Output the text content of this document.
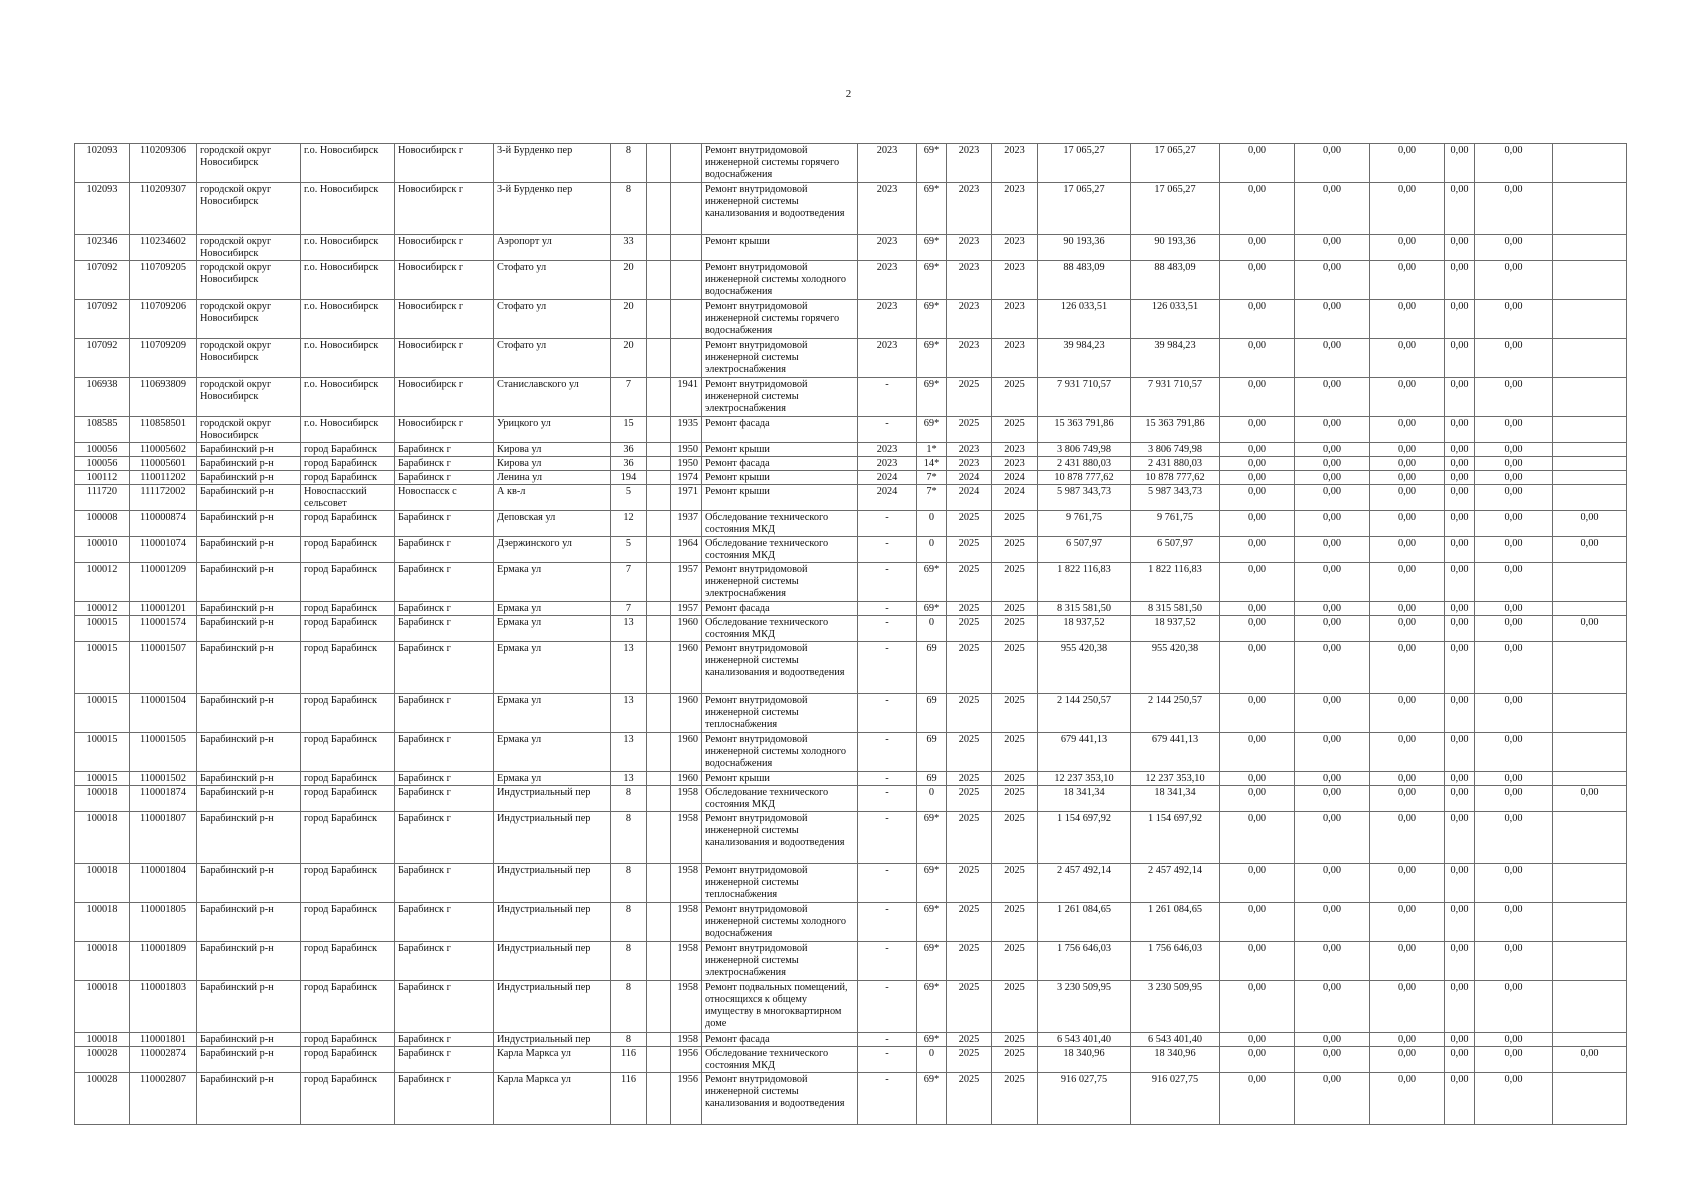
2
102093	110209306	городской округ Новосибирск	г.о. Новосибирск	Новосибирск г	3-й Бурденко пер	8			Ремонт внутридомовой инженерной системы горячего водоснабжения	2023	69*	2023	2023	17 065,27	17 065,27	0,00	0,00	0,00	0,00	0,00	
102093	110209307	городской округ Новосибирск	г.о. Новосибирск	Новосибирск г	3-й Бурденко пер	8			Ремонт внутридомовой инженерной системы канализования и водоотведения	2023	69*	2023	2023	17 065,27	17 065,27	0,00	0,00	0,00	0,00	0,00	
102346	110234602	городской округ Новосибирск	г.о. Новосибирск	Новосибирск г	Аэропорт ул	33			Ремонт крыши	2023	69*	2023	2023	90 193,36	90 193,36	0,00	0,00	0,00	0,00	0,00	
107092	110709205	городской округ Новосибирск	г.о. Новосибирск	Новосибирск г	Стофато ул	20			Ремонт внутридомовой инженерной системы холодного водоснабжения	2023	69*	2023	2023	88 483,09	88 483,09	0,00	0,00	0,00	0,00	0,00	
107092	110709206	городской округ Новосибирск	г.о. Новосибирск	Новосибирск г	Стофато ул	20			Ремонт внутридомовой инженерной системы горячего водоснабжения	2023	69*	2023	2023	126 033,51	126 033,51	0,00	0,00	0,00	0,00	0,00	
107092	110709209	городской округ Новосибирск	г.о. Новосибирск	Новосибирск г	Стофато ул	20			Ремонт внутридомовой инженерной системы электроснабжения	2023	69*	2023	2023	39 984,23	39 984,23	0,00	0,00	0,00	0,00	0,00	
106938	110693809	городской округ Новосибирск	г.о. Новосибирск	Новосибирск г	Станиславского ул	7		1941	Ремонт внутридомовой инженерной системы электроснабжения	-	69*	2025	2025	7 931 710,57	7 931 710,57	0,00	0,00	0,00	0,00	0,00	
108585	110858501	городской округ Новосибирск	г.о. Новосибирск	Новосибирск г	Урицкого ул	15		1935	Ремонт фасада	-	69*	2025	2025	15 363 791,86	15 363 791,86	0,00	0,00	0,00	0,00	0,00	
100056	110005602	Барабинский р-н	город Барабинск	Барабинск г	Кирова ул	36		1950	Ремонт крыши	2023	1*	2023	2023	3 806 749,98	3 806 749,98	0,00	0,00	0,00	0,00	0,00	
100056	110005601	Барабинский р-н	город Барабинск	Барабинск г	Кирова ул	36		1950	Ремонт фасада	2023	14*	2023	2023	2 431 880,03	2 431 880,03	0,00	0,00	0,00	0,00	0,00	
100112	110011202	Барабинский р-н	город Барабинск	Барабинск г	Ленина ул	194		1974	Ремонт крыши	2024	7*	2024	2024	10 878 777,62	10 878 777,62	0,00	0,00	0,00	0,00	0,00	
111720	111172002	Барабинский р-н	Новоспасский сельсовет	Новоспасск с	А кв-л	5		1971	Ремонт крыши	2024	7*	2024	2024	5 987 343,73	5 987 343,73	0,00	0,00	0,00	0,00	0,00	
100008	110000874	Барабинский р-н	город Барабинск	Барабинск г	Деповская ул	12		1937	Обследование технического состояния МКД	-	0	2025	2025	9 761,75	9 761,75	0,00	0,00	0,00	0,00	0,00	0,00
100010	110001074	Барабинский р-н	город Барабинск	Барабинск г	Дзержинского ул	5		1964	Обследование технического состояния МКД	-	0	2025	2025	6 507,97	6 507,97	0,00	0,00	0,00	0,00	0,00	0,00
100012	110001209	Барабинский р-н	город Барабинск	Барабинск г	Ермака ул	7		1957	Ремонт внутридомовой инженерной системы электроснабжения	-	69*	2025	2025	1 822 116,83	1 822 116,83	0,00	0,00	0,00	0,00	0,00	
100012	110001201	Барабинский р-н	город Барабинск	Барабинск г	Ермака ул	7		1957	Ремонт фасада	-	69*	2025	2025	8 315 581,50	8 315 581,50	0,00	0,00	0,00	0,00	0,00	
100015	110001574	Барабинский р-н	город Барабинск	Барабинск г	Ермака ул	13		1960	Обследование технического состояния МКД	-	0	2025	2025	18 937,52	18 937,52	0,00	0,00	0,00	0,00	0,00	0,00
100015	110001507	Барабинский р-н	город Барабинск	Барабинск г	Ермака ул	13		1960	Ремонт внутридомовой инженерной системы канализования и водоотведения	-	69	2025	2025	955 420,38	955 420,38	0,00	0,00	0,00	0,00	0,00	
100015	110001504	Барабинский р-н	город Барабинск	Барабинск г	Ермака ул	13		1960	Ремонт внутридомовой инженерной системы теплоснабжения	-	69	2025	2025	2 144 250,57	2 144 250,57	0,00	0,00	0,00	0,00	0,00	
100015	110001505	Барабинский р-н	город Барабинск	Барабинск г	Ермака ул	13		1960	Ремонт внутридомовой инженерной системы холодного водоснабжения	-	69	2025	2025	679 441,13	679 441,13	0,00	0,00	0,00	0,00	0,00	
100015	110001502	Барабинский р-н	город Барабинск	Барабинск г	Ермака ул	13		1960	Ремонт крыши	-	69	2025	2025	12 237 353,10	12 237 353,10	0,00	0,00	0,00	0,00	0,00	
100018	110001874	Барабинский р-н	город Барабинск	Барабинск г	Индустриальный пер	8		1958	Обследование технического состояния МКД	-	0	2025	2025	18 341,34	18 341,34	0,00	0,00	0,00	0,00	0,00	0,00
100018	110001807	Барабинский р-н	город Барабинск	Барабинск г	Индустриальный пер	8		1958	Ремонт внутридомовой инженерной системы канализования и водоотведения	-	69*	2025	2025	1 154 697,92	1 154 697,92	0,00	0,00	0,00	0,00	0,00	
100018	110001804	Барабинский р-н	город Барабинск	Барабинск г	Индустриальный пер	8		1958	Ремонт внутридомовой инженерной системы теплоснабжения	-	69*	2025	2025	2 457 492,14	2 457 492,14	0,00	0,00	0,00	0,00	0,00	
100018	110001805	Барабинский р-н	город Барабинск	Барабинск г	Индустриальный пер	8		1958	Ремонт внутридомовой инженерной системы холодного водоснабжения	-	69*	2025	2025	1 261 084,65	1 261 084,65	0,00	0,00	0,00	0,00	0,00	
100018	110001809	Барабинский р-н	город Барабинск	Барабинск г	Индустриальный пер	8		1958	Ремонт внутридомовой инженерной системы электроснабжения	-	69*	2025	2025	1 756 646,03	1 756 646,03	0,00	0,00	0,00	0,00	0,00	
100018	110001803	Барабинский р-н	город Барабинск	Барабинск г	Индустриальный пер	8		1958	Ремонт подвальных помещений, относящихся к общему имуществу в многоквартирном доме	-	69*	2025	2025	3 230 509,95	3 230 509,95	0,00	0,00	0,00	0,00	0,00	
100018	110001801	Барабинский р-н	город Барабинск	Барабинск г	Индустриальный пер	8		1958	Ремонт фасада	-	69*	2025	2025	6 543 401,40	6 543 401,40	0,00	0,00	0,00	0,00	0,00	
100028	110002874	Барабинский р-н	город Барабинск	Барабинск г	Карла Маркса ул	116		1956	Обследование технического состояния МКД	-	0	2025	2025	18 340,96	18 340,96	0,00	0,00	0,00	0,00	0,00	0,00
100028	110002807	Барабинский р-н	город Барабинск	Барабинск г	Карла Маркса ул	116		1956	Ремонт внутридомовой инженерной системы канализования и водоотведения	-	69*	2025	2025	916 027,75	916 027,75	0,00	0,00	0,00	0,00	0,00	
